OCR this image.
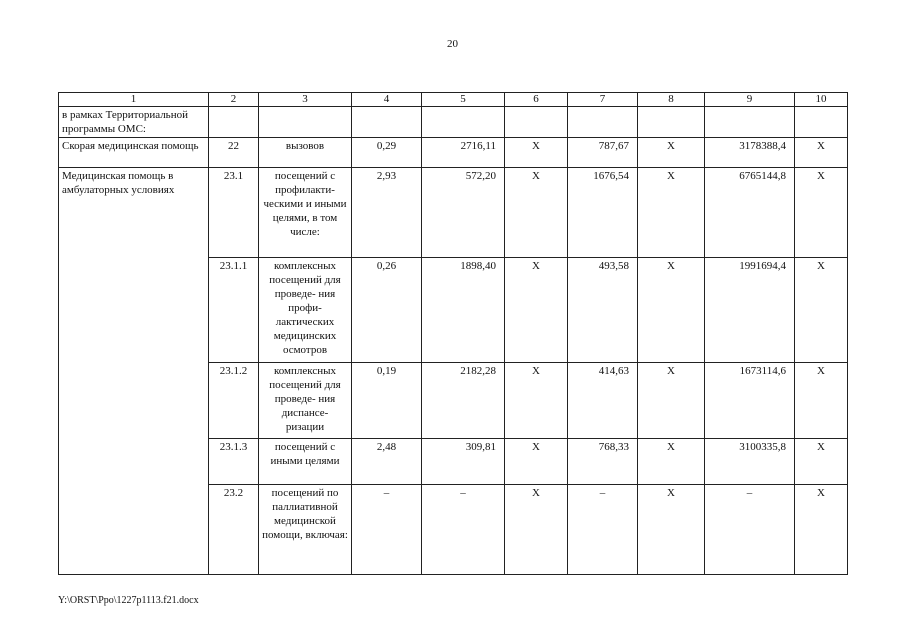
20
1	2	3	4	5	6	7	8	9	10
в рамках Территориальной программы ОМС:									
Скорая медицинская помощь	22	вызовов	0,29	2716,11	Х	787,67	Х	3178388,4	Х
Медицинская помощь в амбулаторных условиях	23.1	посещений с профилакти- ческими и иными целями, в том числе:	2,93	572,20	Х	1676,54	Х	6765144,8	Х
	23.1.1	комплексных посещений для проведе- ния профи- лактических медицинских осмотров	0,26	1898,40	Х	493,58	Х	1991694,4	Х
	23.1.2	комплексных посещений для проведе- ния диспансе- ризации	0,19	2182,28	Х	414,63	Х	1673114,6	Х
	23.1.3	посещений с иными целями	2,48	309,81	Х	768,33	Х	3100335,8	Х
	23.2	посещений по паллиативной медицинской помощи, включая:	–	–	Х	–	Х	–	Х
Y:\ORST\Ppo\1227p1113.f21.docx
